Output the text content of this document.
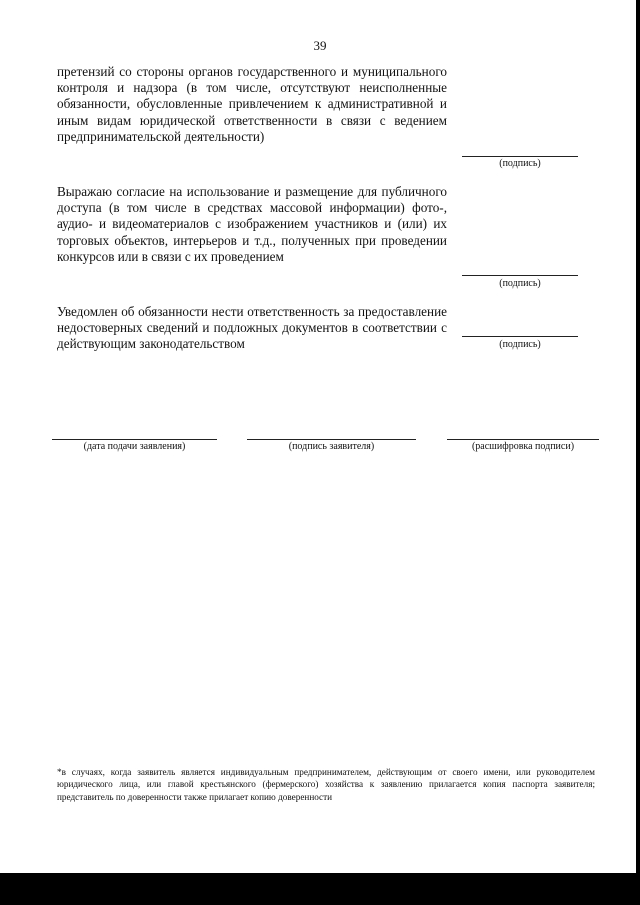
39
претензий со стороны органов государственного и муниципального контроля и надзора (в том числе, отсутствуют неисполненные обязанности, обусловленные привлечением к административной и иным видам юридической ответственности в связи с ведением предпринимательской деятельности)
(подпись)
Выражаю согласие на использование и размещение для публичного доступа (в том числе в средствах массовой информации) фото-, аудио- и видеоматериалов с изображением участников и (или) их торговых объектов, интерьеров и т.д., полученных при проведении конкурсов или в связи с их проведением
(подпись)
Уведомлен об обязанности нести ответственность за предоставление недостоверных сведений и подложных документов в соответствии с действующим законодательством	(подпись)
(дата подачи заявления)	(подпись заявителя)	(расшифровка подписи)
*в случаях, когда заявитель является индивидуальным предпринимателем, действующим от своего имени, или руководителем юридического лица, или главой крестьянского (фермерского) хозяйства к заявлению прилагается копия паспорта заявителя; представитель по доверенности также прилагает копию доверенности
